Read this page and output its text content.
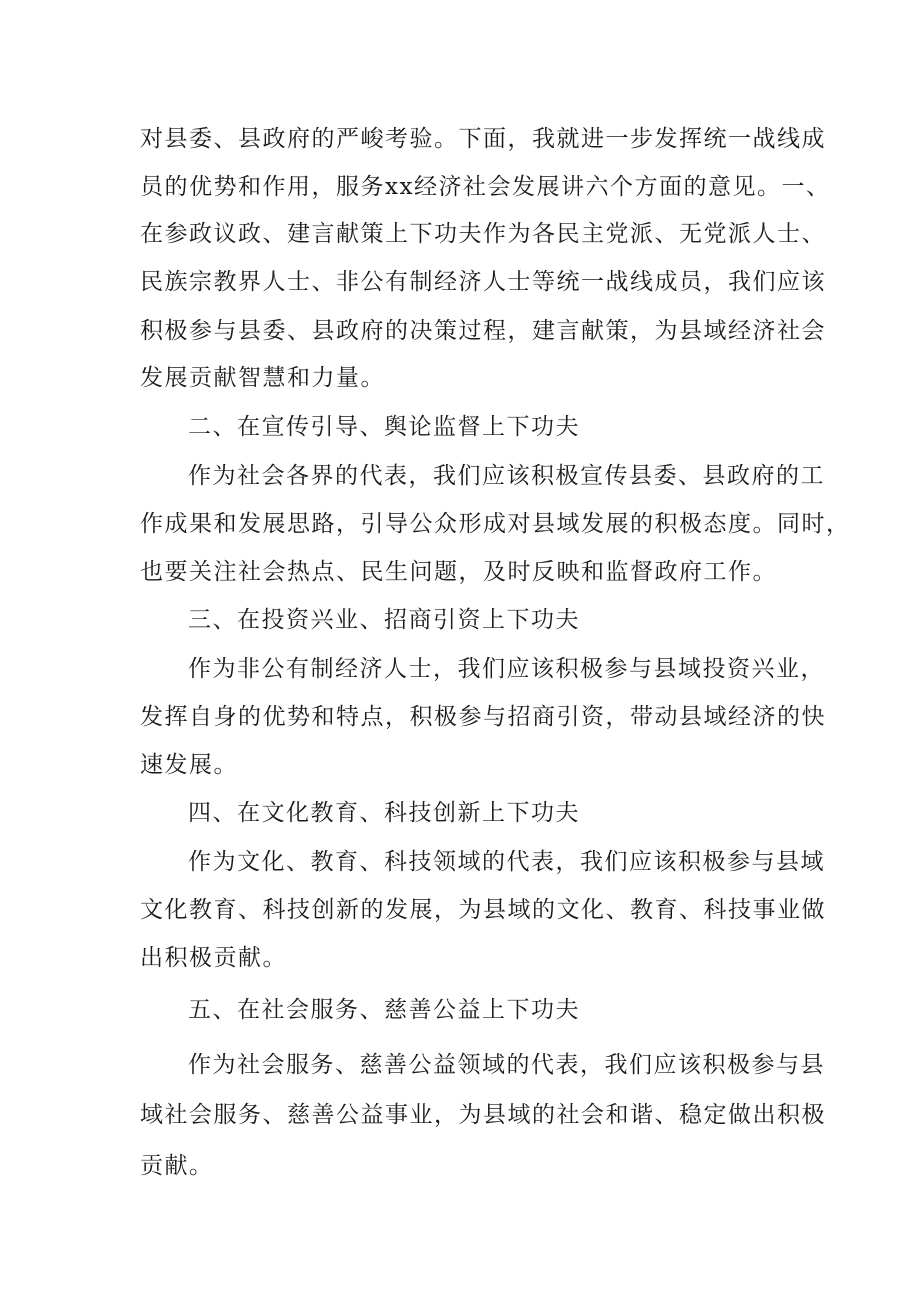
对县委、县政府的严峻考验。下面，我就进一步发挥统一战线成
员的优势和作用，服务xx经济社会发展讲六个方面的意见。一、
在参政议政、建言献策上下功夫作为各民主党派、无党派人士、
民族宗教界人士、非公有制经济人士等统一战线成员，我们应该
积极参与县委、县政府的决策过程，建言献策，为县域经济社会
发展贡献智慧和力量。
二、在宣传引导、舆论监督上下功夫
作为社会各界的代表，我们应该积极宣传县委、县政府的工
作成果和发展思路，引导公众形成对县域发展的积极态度。同时，
也要关注社会热点、民生问题，及时反映和监督政府工作。
三、在投资兴业、招商引资上下功夫
作为非公有制经济人士，我们应该积极参与县域投资兴业，
发挥自身的优势和特点，积极参与招商引资，带动县域经济的快
速发展。
四、在文化教育、科技创新上下功夫
作为文化、教育、科技领域的代表，我们应该积极参与县域
文化教育、科技创新的发展，为县域的文化、教育、科技事业做
出积极贡献。
五、在社会服务、慈善公益上下功夫
作为社会服务、慈善公益领域的代表，我们应该积极参与县
域社会服务、慈善公益事业，为县域的社会和谐、稳定做出积极
贡献。
